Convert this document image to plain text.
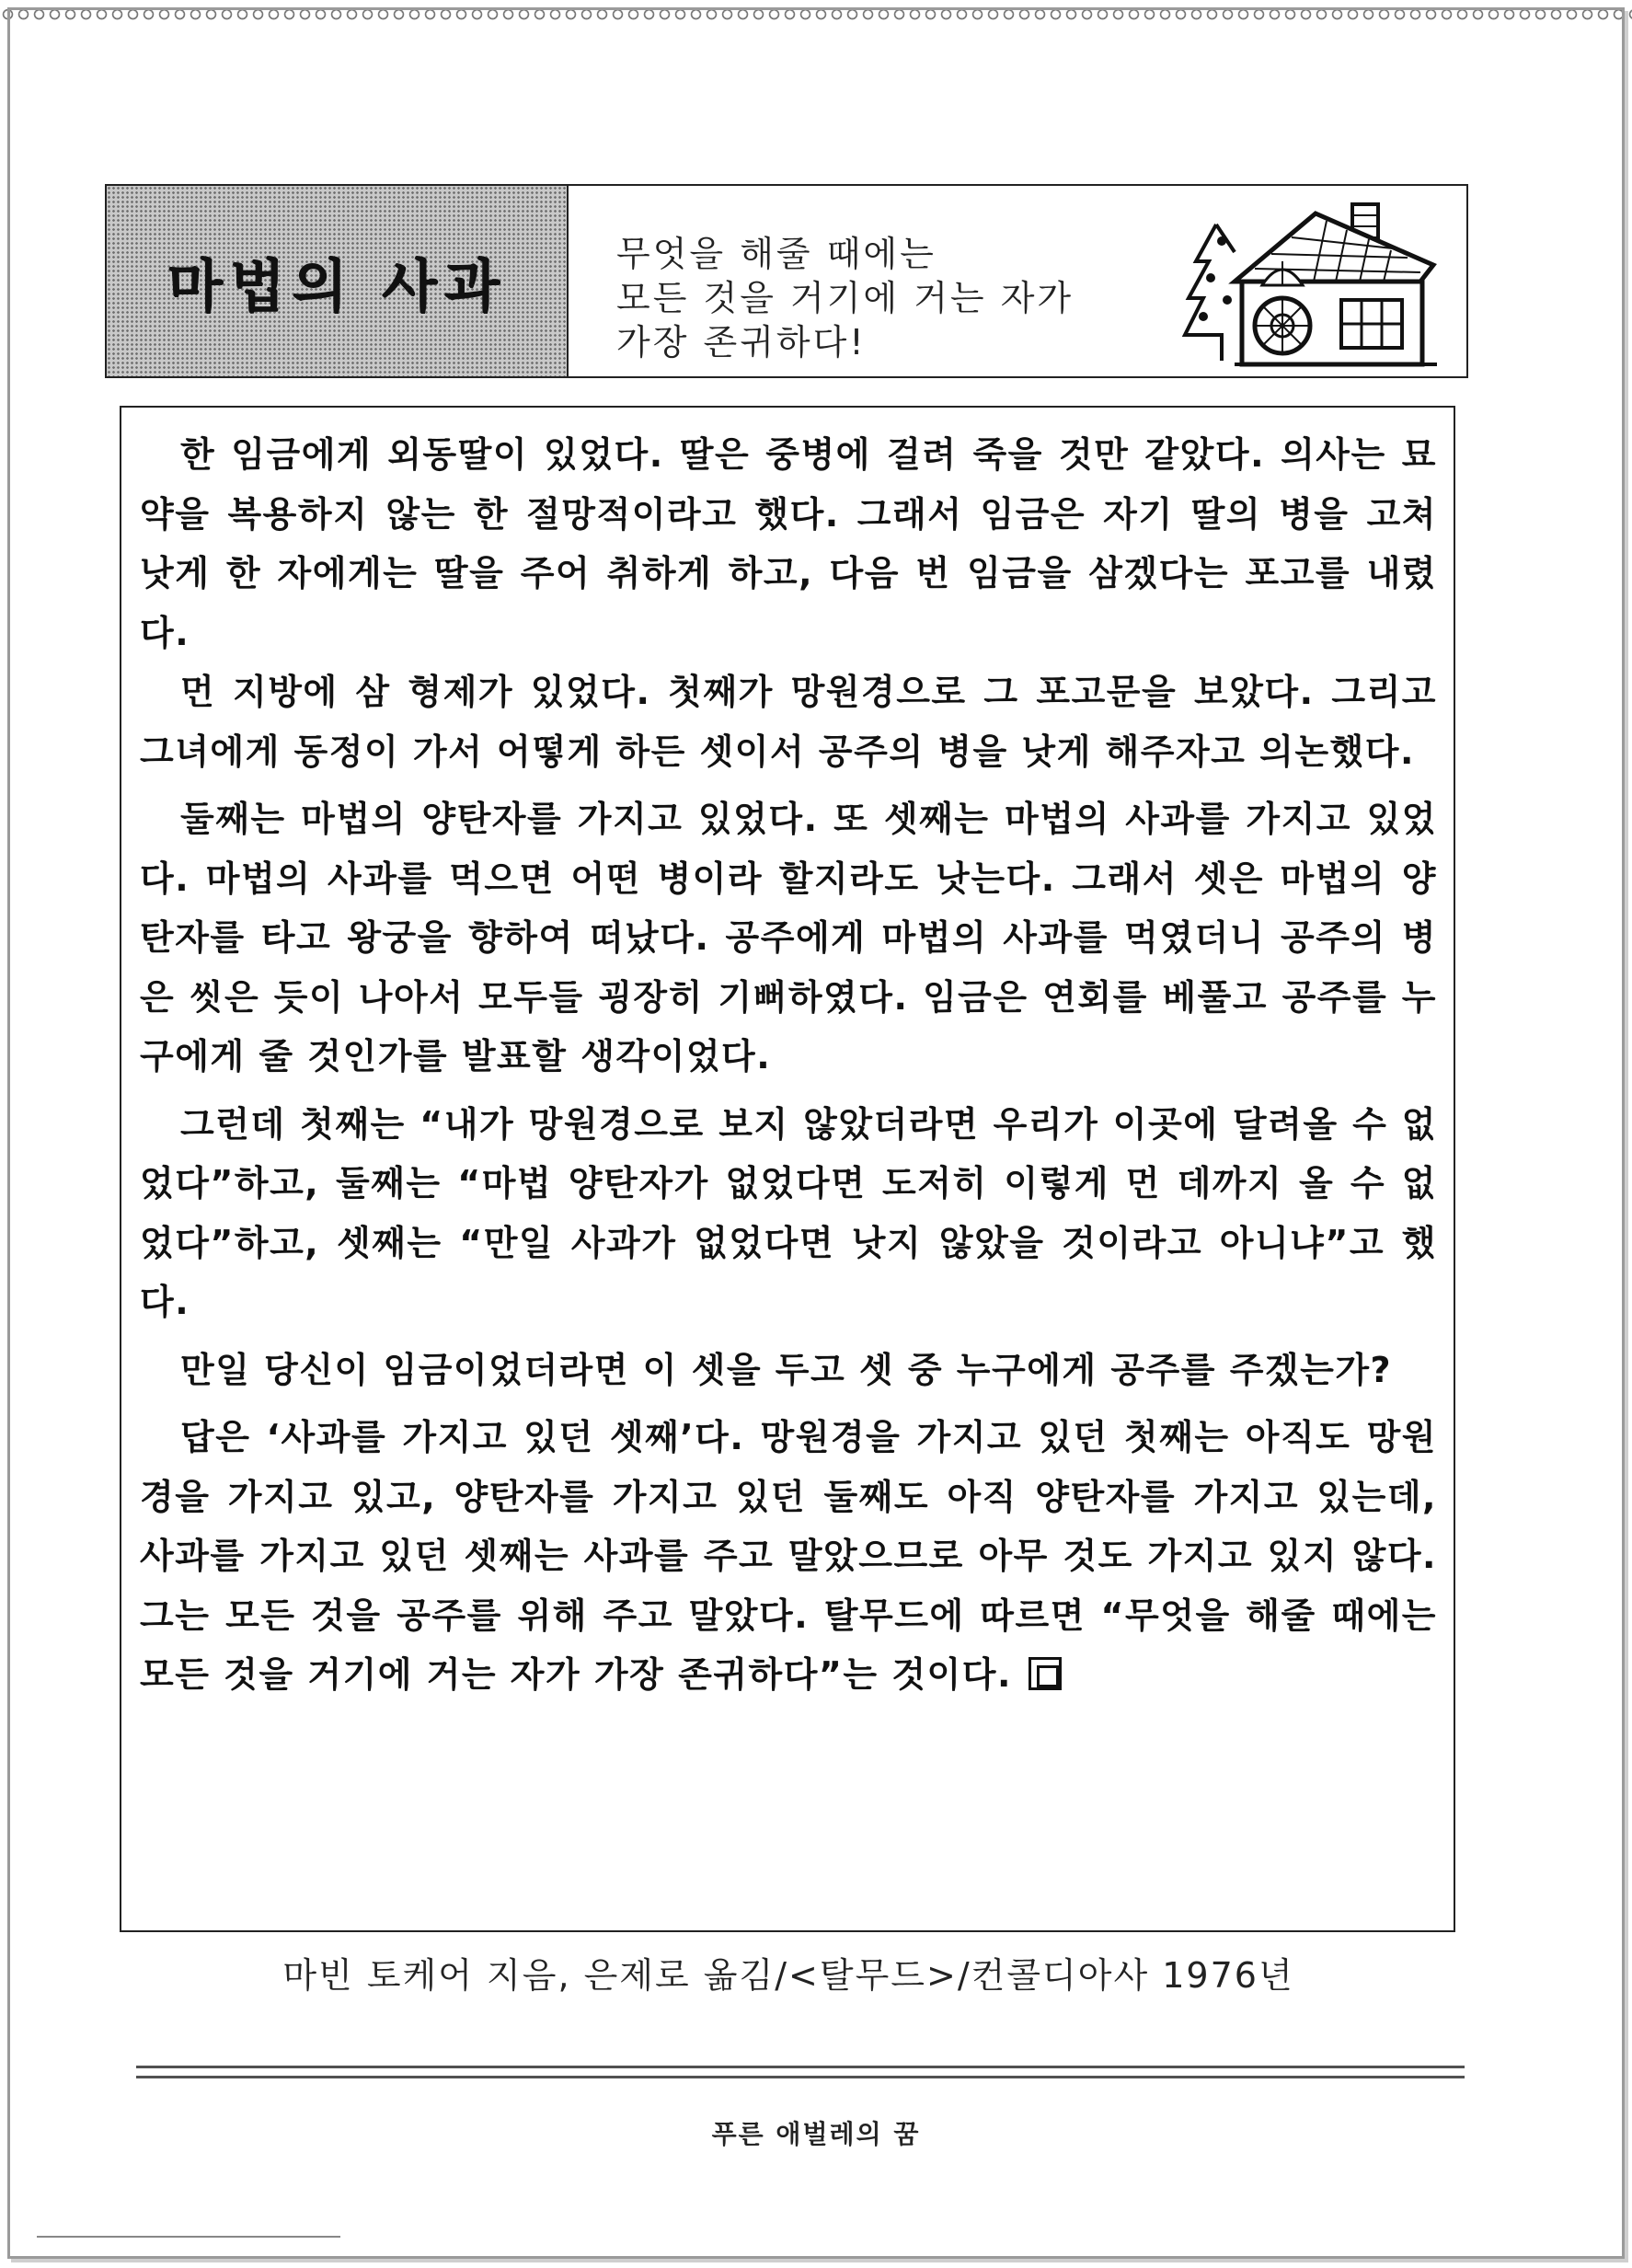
마법의 사과	무엇을 해줄 때에는
모든 것을 거기에 거는 자가
가장 존귀하다!

한 임금에게 외동딸이 있었다. 딸은 중병에 걸려 죽을 것만 같았다. 의사는 묘약을 복용하지 않는 한 절망적이라고 했다. 그래서 임금은 자기 딸의 병을 고쳐 낫게 한 자에게는 딸을 주어 취하게 하고, 다음 번 임금을 삼겠다는 포고를 내렸다.

먼 지방에 삼 형제가 있었다. 첫째가 망원경으로 그 포고문을 보았다. 그리고 그녀에게 동정이 가서 어떻게 하든 셋이서 공주의 병을 낫게 해주자고 의논했다.

둘째는 마법의 양탄자를 가지고 있었다. 또 셋째는 마법의 사과를 가지고 있었다. 마법의 사과를 먹으면 어떤 병이라 할지라도 낫는다. 그래서 셋은 마법의 양탄자를 타고 왕궁을 향하여 떠났다. 공주에게 마법의 사과를 먹였더니 공주의 병은 씻은 듯이 나아서 모두들 굉장히 기뻐하였다. 임금은 연회를 베풀고 공주를 누구에게 줄 것인가를 발표할 생각이었다.

그런데 첫째는 “내가 망원경으로 보지 않았더라면 우리가 이곳에 달려올 수 없었다”하고, 둘째는 “마법 양탄자가 없었다면 도저히 이렇게 먼 데까지 올 수 없었다”하고, 셋째는 “만일 사과가 없었다면 낫지 않았을 것이라고 아니냐”고 했다.

만일 당신이 임금이었더라면 이 셋을 두고 셋 중 누구에게 공주를 주겠는가?

답은 ‘사과를 가지고 있던 셋째’다. 망원경을 가지고 있던 첫째는 아직도 망원경을 가지고 있고, 양탄자를 가지고 있던 둘째도 아직 양탄자를 가지고 있는데, 사과를 가지고 있던 셋째는 사과를 주고 말았으므로 아무 것도 가지고 있지 않다. 그는 모든 것을 공주를 위해 주고 말았다. 탈무드에 따르면 “무엇을 해줄 때에는 모든 것을 거기에 거는 자가 가장 존귀하다”는 것이다.

마빈 토케어 지음, 은제로 옮김/<탈무드>/컨콜디아사 1976년
푸른 애벌레의 꿈
